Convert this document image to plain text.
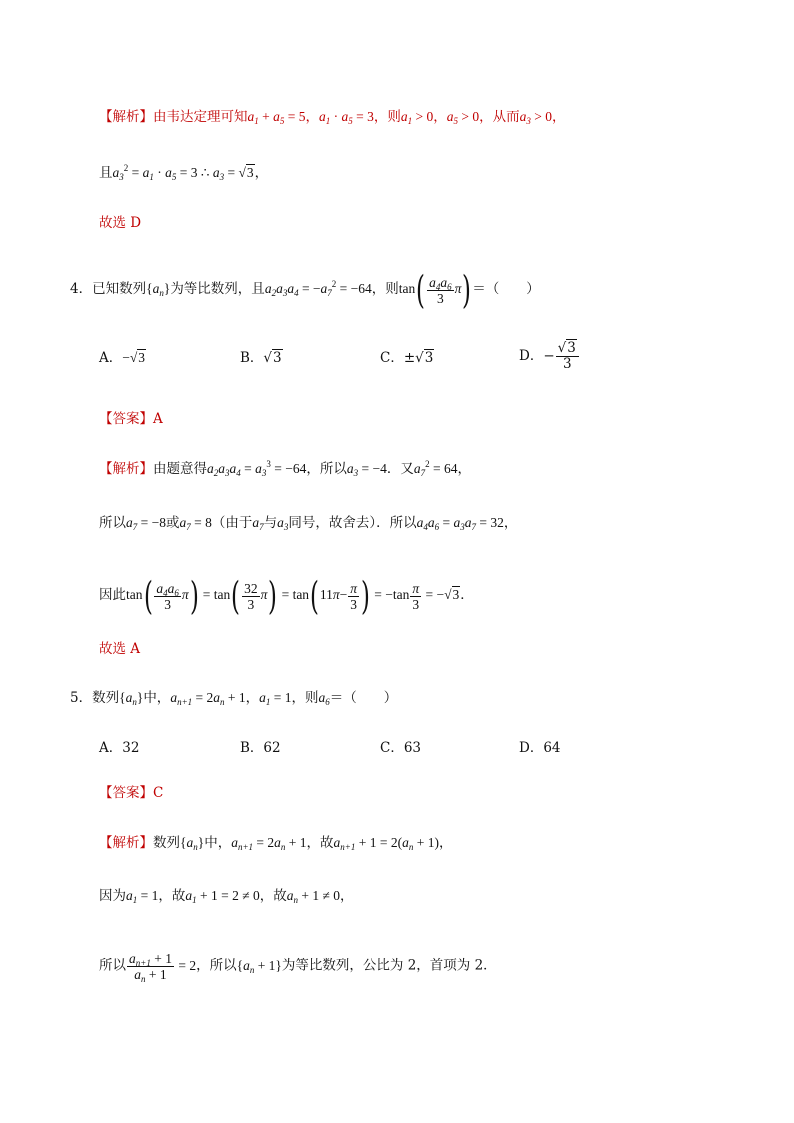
【解析】由韦达定理可知$a_1 + a_5 = 5$，$a_1 \cdot a_5 = 3$，则$a_1 > 0$，$a_5 > 0$，从而$a_3 > 0$，
且$a_3^2 = a_1 \cdot a_5 = 3$ ∴ $a_3 = √3$，
故选 D
4．已知数列$\{a_n\}$为等比数列，且$a_2a_3a_4 = -a_7^2 = -64$，则$\tan( \frac{a_4a_6}{3} \pi)=$（　　）
A．−√3	B．√3	C．±√3	D．− $\frac{√3}{3}$
【答案】A
【解析】由题意得$a_2a_3a_4 = a_3^3 = -64$，所以$a_3 = -4$．又$a_7^2 = 64$，
所以$a_7 = -8$或$a_7 = 8$（由于$a_7$与$a_3$同号，故舍去）．所以$a_4a_6 = a_3a_7 = 32$，
因此$\tan( \frac{a_4a_6}{3} \pi) = \tan( \frac{32}{3} \pi) = \tan(11\pi- \frac{\pi}{3}$ ) = $-\tan \frac{\pi}{3} = -√3$．
故选 A
5．数列$\{a_n\}$中，$a_{n+1} = 2a_n + 1$，$a_1 = 1$，则$a_6=$（　　）
A．32	B．62	C．63	D．64
【答案】C
【解析】数列$\{a_n\}$中，$a_{n+1} = 2a_n + 1$，故$a_{n+1} + 1 = 2(a_n + 1)$，
因为$a_1 = 1$，故$a_1 + 1 = 2 \ne 0$，故$a_n + 1 \ne 0$，
所以 $\frac{a_{n+1} + 1}{a_n + 1} = 2$，所以$\{a_n + 1\}$为等比数列，公比为 2，首项为 2．
